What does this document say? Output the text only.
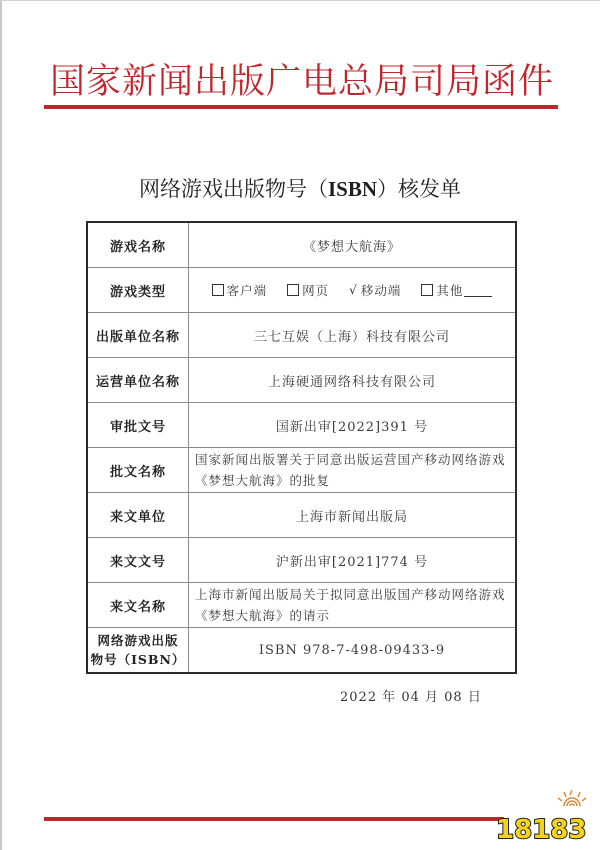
国家新闻出版广电总局司局函件
网络游戏出版物号（ISBN）核发单
游戏名称	《梦想大航海》
游戏类型	客户端 网页 √ 移动端 其他

出版单位名称	三七互娱（上海）科技有限公司
运营单位名称	上海硬通网络科技有限公司
审批文号	国新出审[2022]391 号
批文名称	国家新闻出版署关于同意出版运营国产移动网络游戏《梦想大航海》的批复
来文单位	上海市新闻出版局
来文文号	沪新出审[2021]774 号
来文名称	上海市新闻出版局关于拟同意出版国产移动网络游戏《梦想大航海》的请示

网络游戏出版
物号（ISBN）	ISBN 978-7-498-09433-9
2022 年 04 月 08 日
18183
